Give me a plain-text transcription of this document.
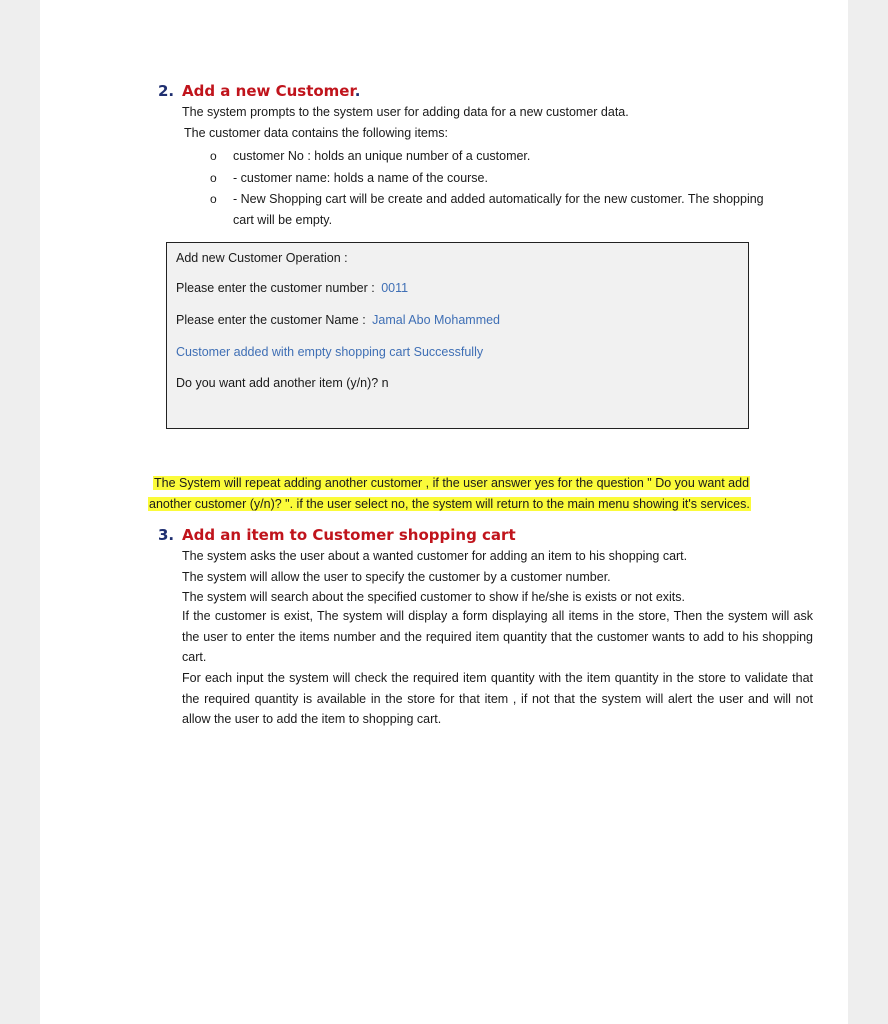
2. Add a new Customer.
The system prompts to the system user for adding data for a new customer data.
The customer data contains the following items:
o customer No : holds an unique number of a customer.
o - customer name: holds a name of the course.
o - New Shopping cart will be create and added automatically for the new customer. The shopping
cart will be empty.
Add new Customer Operation :
Please enter the customer number : 0011
Please enter the customer Name : Jamal Abo Mohammed
Customer added with empty shopping cart Successfully
Do you want add another item (y/n)? n
The System will repeat adding another customer , if the user answer yes for the question " Do you want add
another customer (y/n)? ". if the user select no, the system will return to the main menu showing it's services.
3. Add an item to Customer shopping cart
The system asks the user about a wanted customer for adding an item to his shopping cart.
The system will allow the user to specify the customer by a customer number.
The system will search about the specified customer to show if he/she is exists or not exits.
If the customer is exist, The system will display a form displaying all items in the store, Then the system will ask the user to enter the items number and the required item quantity that the customer wants to add to his shopping cart.
For each input the system will check the required item quantity with the item quantity in the store to validate that the required quantity is available in the store for that item , if not that the system will alert the user and will not allow the user to add the item to shopping cart.
